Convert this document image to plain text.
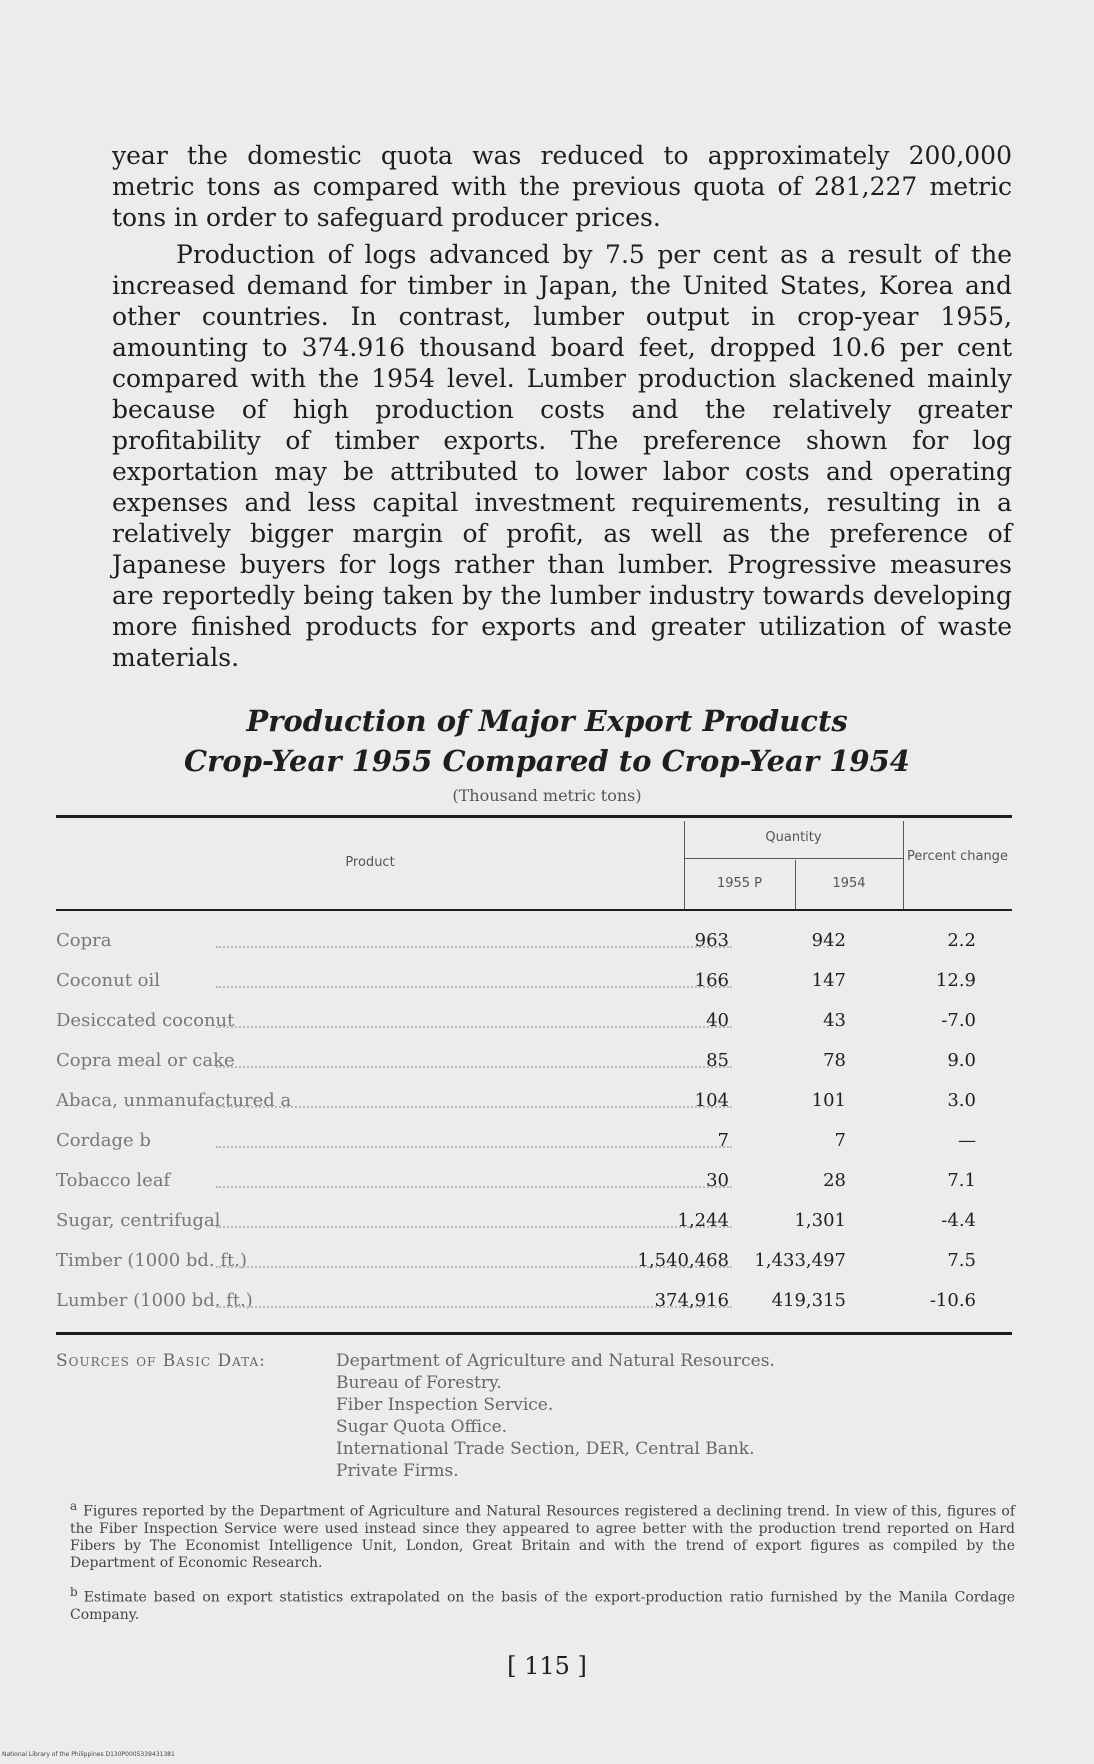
year the domestic quota was reduced to approximately 200,000 metric tons as compared with the previous quota of 281,227 metric tons in order to safeguard producer prices.

Production of logs advanced by 7.5 per cent as a result of the increased demand for timber in Japan, the United States, Korea and other countries. In contrast, lumber output in crop-year 1955, amounting to 374.916 thousand board feet, dropped 10.6 per cent compared with the 1954 level. Lumber production slackened mainly because of high production costs and the relatively greater profitability of timber exports. The preference shown for log exportation may be attributed to lower labor costs and operating expenses and less capital investment requirements, resulting in a relatively bigger margin of profit, as well as the preference of Japanese buyers for logs rather than lumber. Progressive measures are reportedly being taken by the lumber industry towards developing more finished products for exports and greater utilization of waste materials.

Production of Major Export Products
Crop-Year 1955 Compared to Crop-Year 1954
(Thousand metric tons)
Product
Quantity
1955 P	1954
Percent change
Copra	963	942	2.2
Coconut oil	166	147	12.9
Desiccated coconut	40	43	-7.0
Copra meal or cake	85	78	9.0
Abaca, unmanufactured a	104	101	3.0
Cordage b	7	7	—
Tobacco leaf	30	28	7.1
Sugar, centrifugal	1,244	1,301	-4.4
Timber (1000 bd. ft.)	1,540,468 1,433,497	7.5
Lumber (1000 bd. ft.)	374,916 419,315	-10.6
Sources of Basic Data:	Department of Agriculture and Natural Resources.
Bureau of Forestry.
Fiber Inspection Service.
Sugar Quota Office.
International Trade Section, DER, Central Bank.
Private Firms.
$^a$ Figures reported by the Department of Agriculture and Natural Resources registered a declining trend. In view of this, figures of the Fiber Inspection Service were used instead since they appeared to agree better with the production trend reported on Hard Fibers by The Economist Intelligence Unit, London, Great Britain and with the trend of export figures as compiled by the Department of Economic Research.
$^b$ Estimate based on export statistics extrapolated on the basis of the export-production ratio furnished by the Manila Cordage Company.
[ 115 ]
National Library of the Philippines D130P0005339431381
